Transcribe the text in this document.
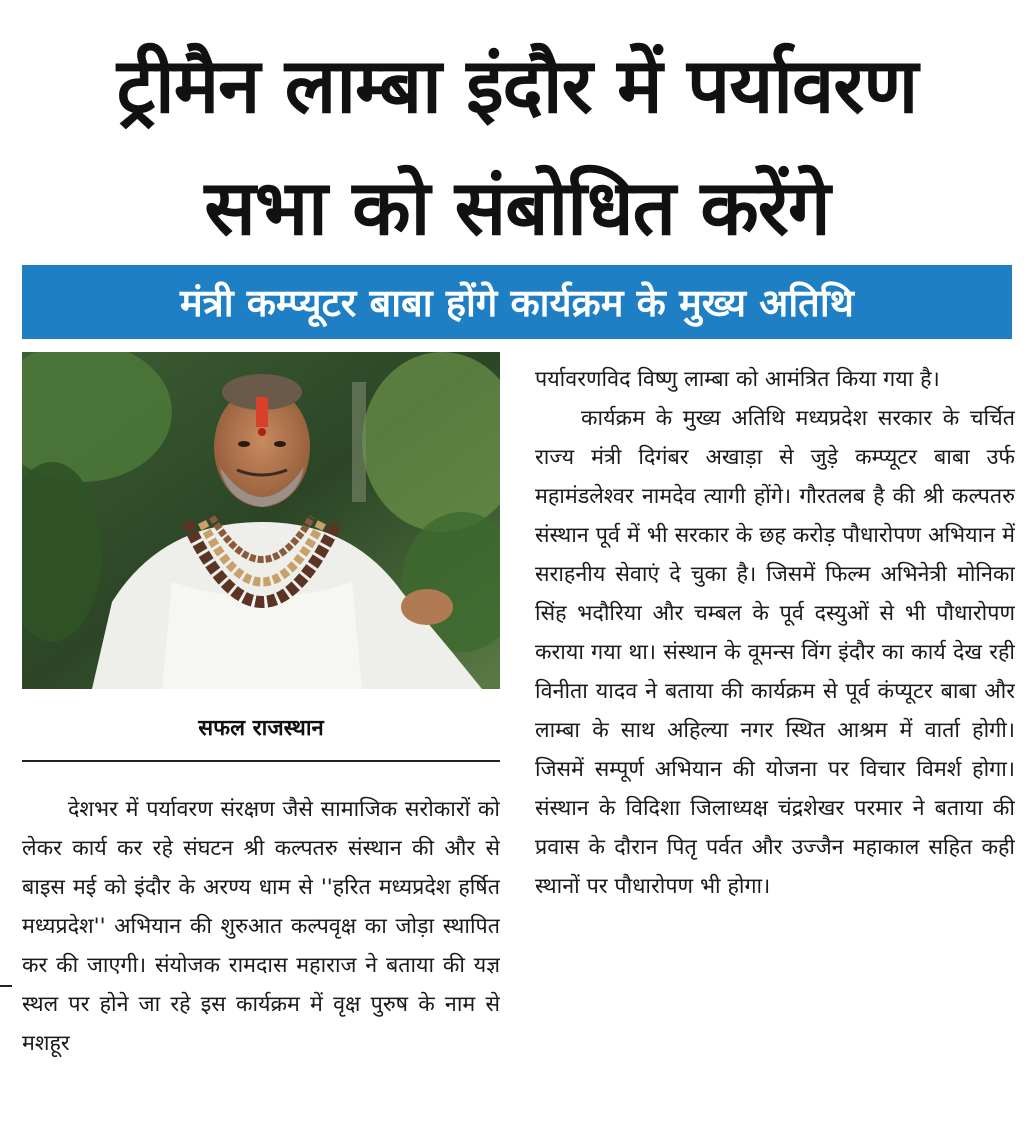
ट्रीमैन लाम्बा इंदौर में पर्यावरण
सभा को संबोधित करेंगे
मंत्री कम्प्यूटर बाबा होंगे कार्यक्रम के मुख्य अतिथि
सफल राजस्थान

देशभर में पर्यावरण संरक्षण जैसे सामाजिक सरोकारों को लेकर कार्य कर रहे संघटन श्री कल्पतरु संस्थान की और से बाइस मई को इंदौर के अरण्य धाम से ''हरित मध्यप्रदेश हर्षित मध्यप्रदेश'' अभियान की शुरुआत कल्पवृक्ष का जोड़ा स्थापित कर की जाएगी। संयोजक रामदास महाराज ने बताया की यज्ञ स्थल पर होने जा रहे इस कार्यक्रम में वृक्ष पुरुष के नाम से मशहूर

पर्यावरणविद विष्णु लाम्बा को आमंत्रित किया गया है।

कार्यक्रम के मुख्य अतिथि मध्यप्रदेश सरकार के चर्चित राज्य मंत्री दिगंबर अखाड़ा से जुड़े कम्प्यूटर बाबा उर्फ महामंडलेश्वर नामदेव त्यागी होंगे। गौरतलब है की श्री कल्पतरु संस्थान पूर्व में भी सरकार के छह करोड़ पौधारोपण अभियान में सराहनीय सेवाएं दे चुका है। जिसमें फिल्म अभिनेत्री मोनिका सिंह भदौरिया और चम्बल के पूर्व दस्युओं से भी पौधारोपण कराया गया था। संस्थान के वूमन्स विंग इंदौर का कार्य देख रही विनीता यादव ने बताया की कार्यक्रम से पूर्व कंप्यूटर बाबा और लाम्बा के साथ अहिल्या नगर स्थित आश्रम में वार्ता होगी। जिसमें सम्पूर्ण अभियान की योजना पर विचार विमर्श होगा। संस्थान के विदिशा जिलाध्यक्ष चंद्रशेखर परमार ने बताया की प्रवास के दौरान पितृ पर्वत और उज्जैन महाकाल सहित कही स्थानों पर पौधारोपण भी होगा।
